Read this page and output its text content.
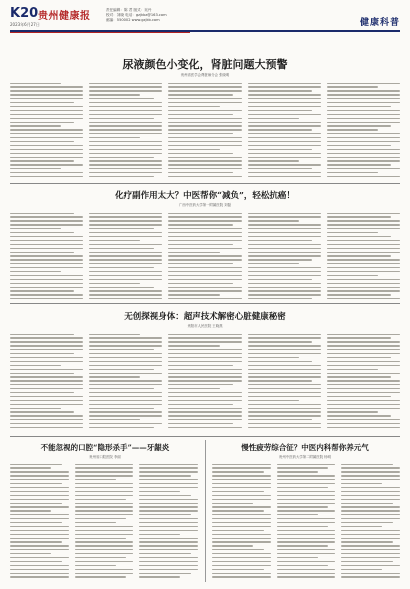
K20 贵州健康报
2023年6月27日
责任编辑：陈 君 版式：吴丹
校对：刘晓 电话：gzjkbz@163.com
邮编：550002 www.gzjkb.com	健康科普
尿液颜色小变化，肾脏问题大预警
贵州省医学会肾脏病分会 张晓明
化疗副作用太大？中医帮你“减负”，轻松抗癌！
广西中医药大学第一附属医院 刘磊
无创探视身体：超声技术解密心脏健康秘密
贵阳市人民医院 王晓燕
不能忽视的口腔“隐形杀手”——牙龈炎
贵州省口腔医院 李丽
慢性疲劳综合征？中医内科帮你养元气
贵州中医药大学第二附属医院 杨明
